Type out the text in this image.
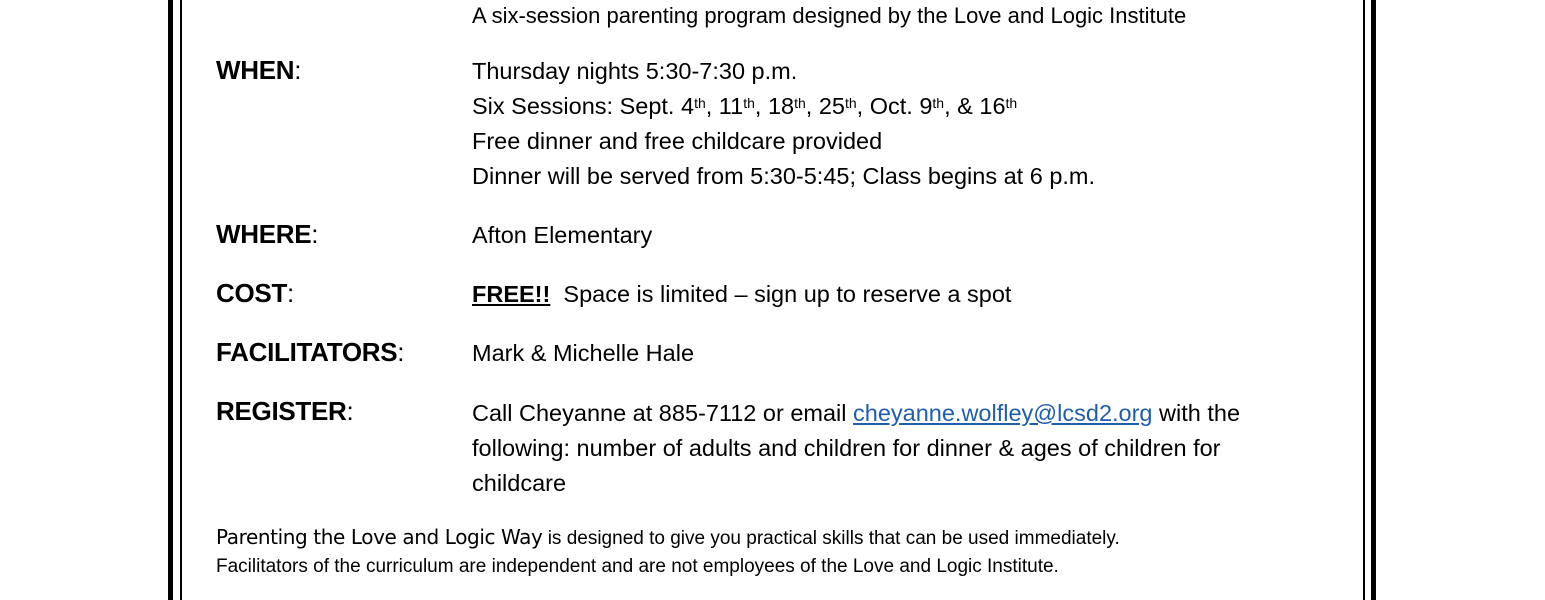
A six-session parenting program designed by the Love and Logic Institute
WHEN:	Thursday nights 5:30-7:30 p.m.
Six Sessions: Sept. 4th, 11th, 18th, 25th, Oct. 9th, & 16th
Free dinner and free childcare provided
Dinner will be served from 5:30-5:45; Class begins at 6 p.m.
WHERE:	Afton Elementary
COST:	FREE!! Space is limited – sign up to reserve a spot
FACILITATORS:	Mark & Michelle Hale
REGISTER:	Call Cheyanne at 885-7112 or email cheyanne.wolfley@lcsd2.org with the
following: number of adults and children for dinner & ages of children for
childcare
Parenting the Love and Logic Way is designed to give you practical skills that can be used immediately.
Facilitators of the curriculum are independent and are not employees of the Love and Logic Institute.
